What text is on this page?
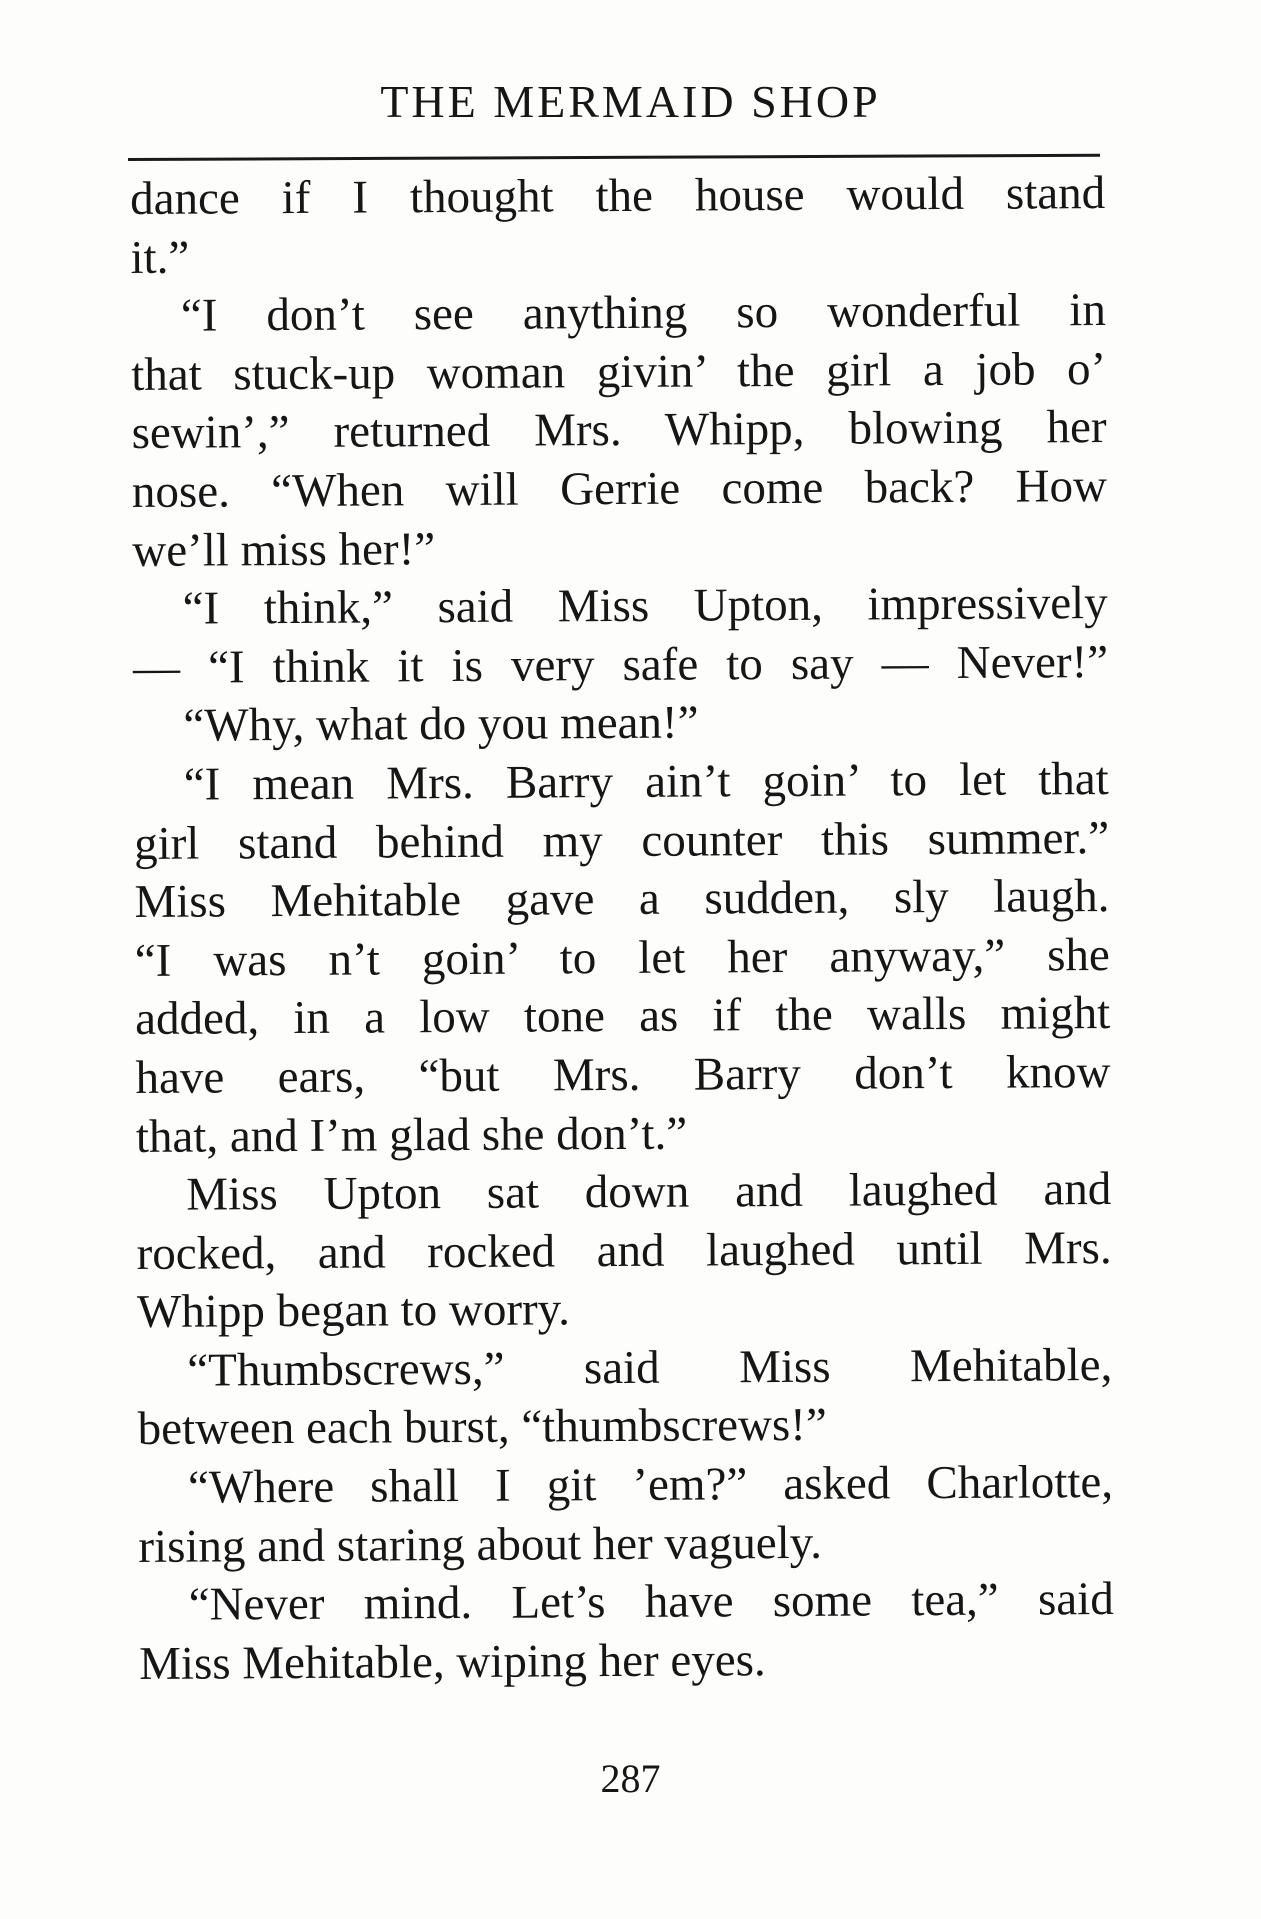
THE MERMAID SHOP
dance if I thought the house would stand
it.”
“I don’t see anything so wonderful in
that stuck-up woman givin’ the girl a job o’
sewin’,” returned Mrs. Whipp, blowing her
nose. “When will Gerrie come back? How
we’ll miss her!”
“I think,” said Miss Upton, impressively
— “I think it is very safe to say — Never!”
“Why, what do you mean!”
“I mean Mrs. Barry ain’t goin’ to let that
girl stand behind my counter this summer.”
Miss Mehitable gave a sudden, sly laugh.
“I was n’t goin’ to let her anyway,” she
added, in a low tone as if the walls might
have ears, “but Mrs. Barry don’t know
that, and I’m glad she don’t.”
Miss Upton sat down and laughed and
rocked, and rocked and laughed until Mrs.
Whipp began to worry.
“Thumbscrews,” said Miss Mehitable,
between each burst, “thumbscrews!”
“Where shall I git ’em?” asked Charlotte,
rising and staring about her vaguely.
“Never mind. Let’s have some tea,” said
Miss Mehitable, wiping her eyes.
287
